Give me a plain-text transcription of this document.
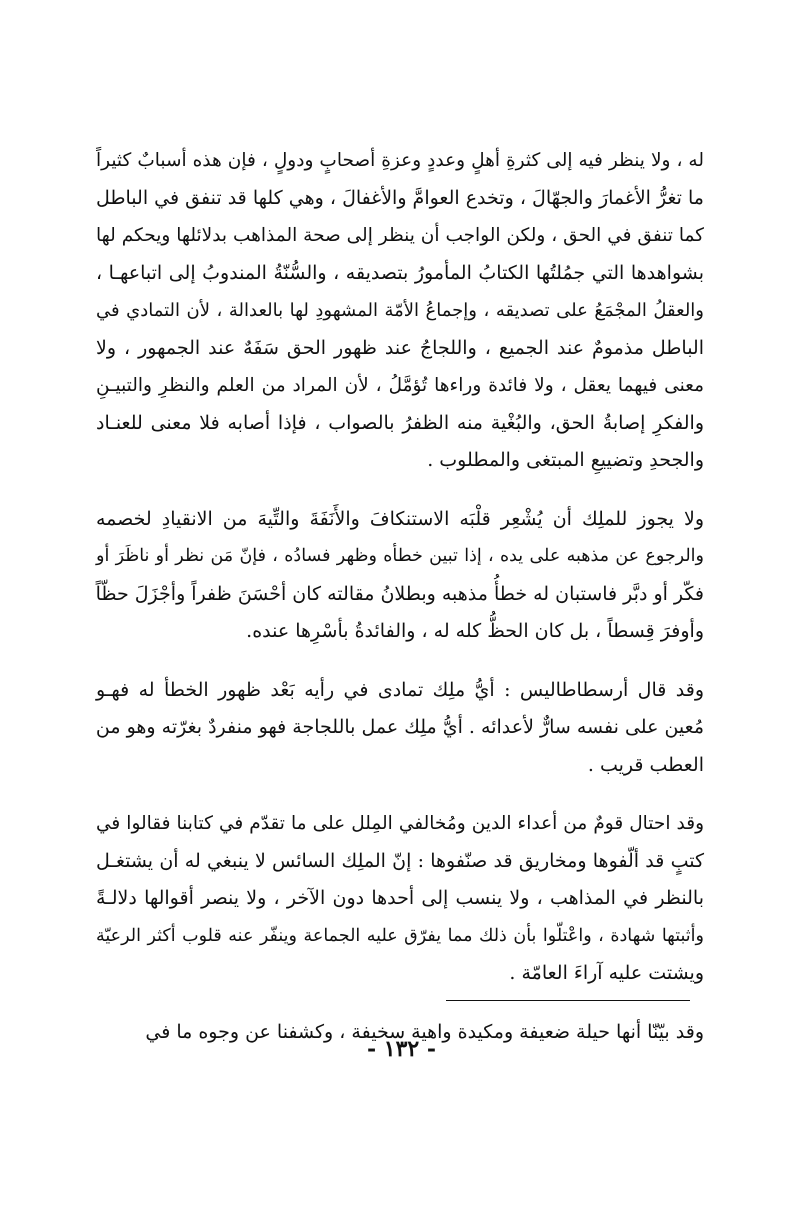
له ، ولا ينظر فيه إلى كثرةِ أهلٍ وعددٍ وعزةِ أصحابٍ ودولٍ ، فإن هذه أسبابٌ كثيراً
ما تغرُّ الأغمارَ والجهّالَ ، وتخدع العوامَّ والأغفالَ ، وهي كلها قد تنفق في الباطل
كما تنفق في الحق ، ولكن الواجب أن ينظر إلى صحة المذاهب بدلائلها ويحكم لها
بشواهدها التي جمُلتُها الكتابُ المأمورُ بتصديقه ، والسُّنّةُ المندوبُ إلى اتباعهـا ،
والعقلُ المجْمَعُ على تصديقه ، وإجماعُ الأمّة المشهودِ لها بالعدالة ، لأن التمادي في
الباطل مذمومٌ عند الجميع ، واللجاجُ عند ظهور الحق سَفَهٌ عند الجمهور ، ولا
معنى فيهما يعقل ، ولا فائدة وراءها تُؤمَّلُ ، لأن المراد من العلم والنظرِ والتبيـنِ
والفكرِ إصابةُ الحق، والبُغْية منه الظفرُ بالصواب ، فإذا أصابه فلا معنى للعنـاد
والجحدِ وتضييعِ المبتغى والمطلوب .

ولا يجوز للملِك أن يُشْعِر قلْبَه الاستنكافَ والأَنَفَةَ والتِّيهَ من الانقيادِ لخصمه
والرجوع عن مذهبه على يده ، إذا تبين خطأه وظهر فسادُه ، فإنّ مَن نظر أو ناظَرَ أو
فكّر أو دبَّر فاستبان له خطأُ مذهبه وبطلانُ مقالته كان أحْسَنَ ظفراً وأجْزَلَ حظّاً
وأوفرَ قِسطاً ، بل كان الحظُّ كله له ، والفائدةُ بأسْرِها عنده.

وقد قال أرسطاطاليس : أيُّ ملِك تمادى في رأيه بَعْد ظهور الخطأ له فهـو
مُعين على نفسه سارٌّ لأعدائه . أيُّ ملِك عمل باللجاجة فهو منفردٌ بغرّته وهو من
العطب قريب .

وقد احتال قومٌ من أعداء الدين ومُخالفي المِلل على ما تقدّم في كتابنا فقالوا في
كتبٍ قد ألّفوها ومخاريق قد صنّفوها : إنّ الملِك السائس لا ينبغي له أن يشتغـل
بالنظر في المذاهب ، ولا ينسب إلى أحدها دون الآخر ، ولا ينصر أقوالها دلالـةً
وأثبتها شهادة ، واعْتلّوا بأن ذلك مما يفرّق عليه الجماعة وينفّر عنه قلوب أكثر الرعيّة
ويشتت عليه آراءَ العامّة .

وقد بيّنّا أنها حيلة ضعيفة ومكيدة واهية سخيفة ، وكشفنا عن وجوه ما في

- ١٣٢ -
